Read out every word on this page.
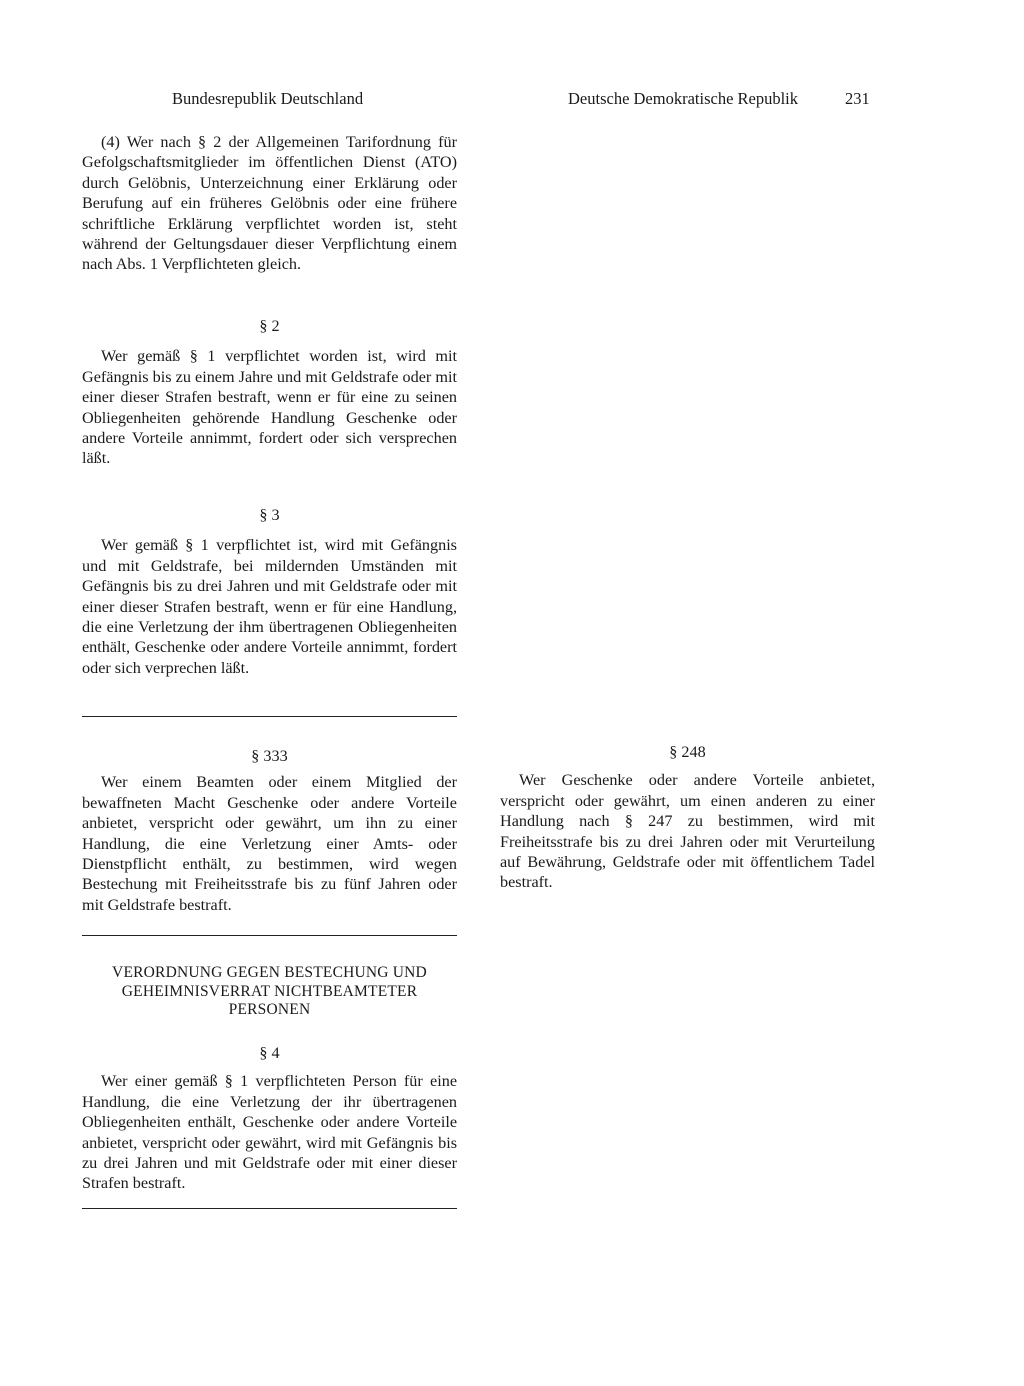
Bundesrepublik Deutschland	Deutsche Demokratische Republik	231

(4) Wer nach § 2 der Allgemeinen Tarifordnung für Gefolgschaftsmitglieder im öffentlichen Dienst (ATO) durch Gelöbnis, Unterzeichnung einer Erklärung oder Berufung auf ein früheres Gelöbnis oder eine frühere schriftliche Erklärung verpflichtet worden ist, steht während der Geltungsdauer dieser Verpflichtung einem nach Abs. 1 Verpflichteten gleich.

§ 2

Wer gemäß § 1 verpflichtet worden ist, wird mit Gefängnis bis zu einem Jahre und mit Geldstrafe oder mit einer dieser Strafen bestraft, wenn er für eine zu seinen Obliegenheiten gehörende Handlung Geschenke oder andere Vorteile annimmt, fordert oder sich versprechen läßt.

§ 3

Wer gemäß § 1 verpflichtet ist, wird mit Gefängnis und mit Geldstrafe, bei mildernden Umständen mit Gefängnis bis zu drei Jahren und mit Geldstrafe oder mit einer dieser Strafen bestraft, wenn er für eine Handlung, die eine Verletzung der ihm übertragenen Obliegenheiten enthält, Geschenke oder andere Vorteile annimmt, fordert oder sich verprechen läßt.

§ 333

Wer einem Beamten oder einem Mitglied der bewaffneten Macht Geschenke oder andere Vorteile anbietet, verspricht oder gewährt, um ihn zu einer Handlung, die eine Verletzung einer Amts- oder Dienstpflicht enthält, zu bestimmen, wird wegen Bestechung mit Freiheitsstrafe bis zu fünf Jahren oder mit Geldstrafe bestraft.

VERORDNUNG GEGEN BESTECHUNG UND

GEHEIMNISVERRAT NICHTBEAMTETER

PERSONEN

§ 4

Wer einer gemäß § 1 verpflichteten Person für eine Handlung, die eine Verletzung der ihr übertragenen Obliegenheiten enthält, Geschenke oder andere Vorteile anbietet, verspricht oder gewährt, wird mit Gefängnis bis zu drei Jahren und mit Geldstrafe oder mit einer dieser Strafen bestraft.

§ 248

Wer Geschenke oder andere Vorteile anbietet, verspricht oder gewährt, um einen anderen zu einer Handlung nach § 247 zu bestimmen, wird mit Freiheitsstrafe bis zu drei Jahren oder mit Verurteilung auf Bewährung, Geldstrafe oder mit öffentlichem Tadel bestraft.
